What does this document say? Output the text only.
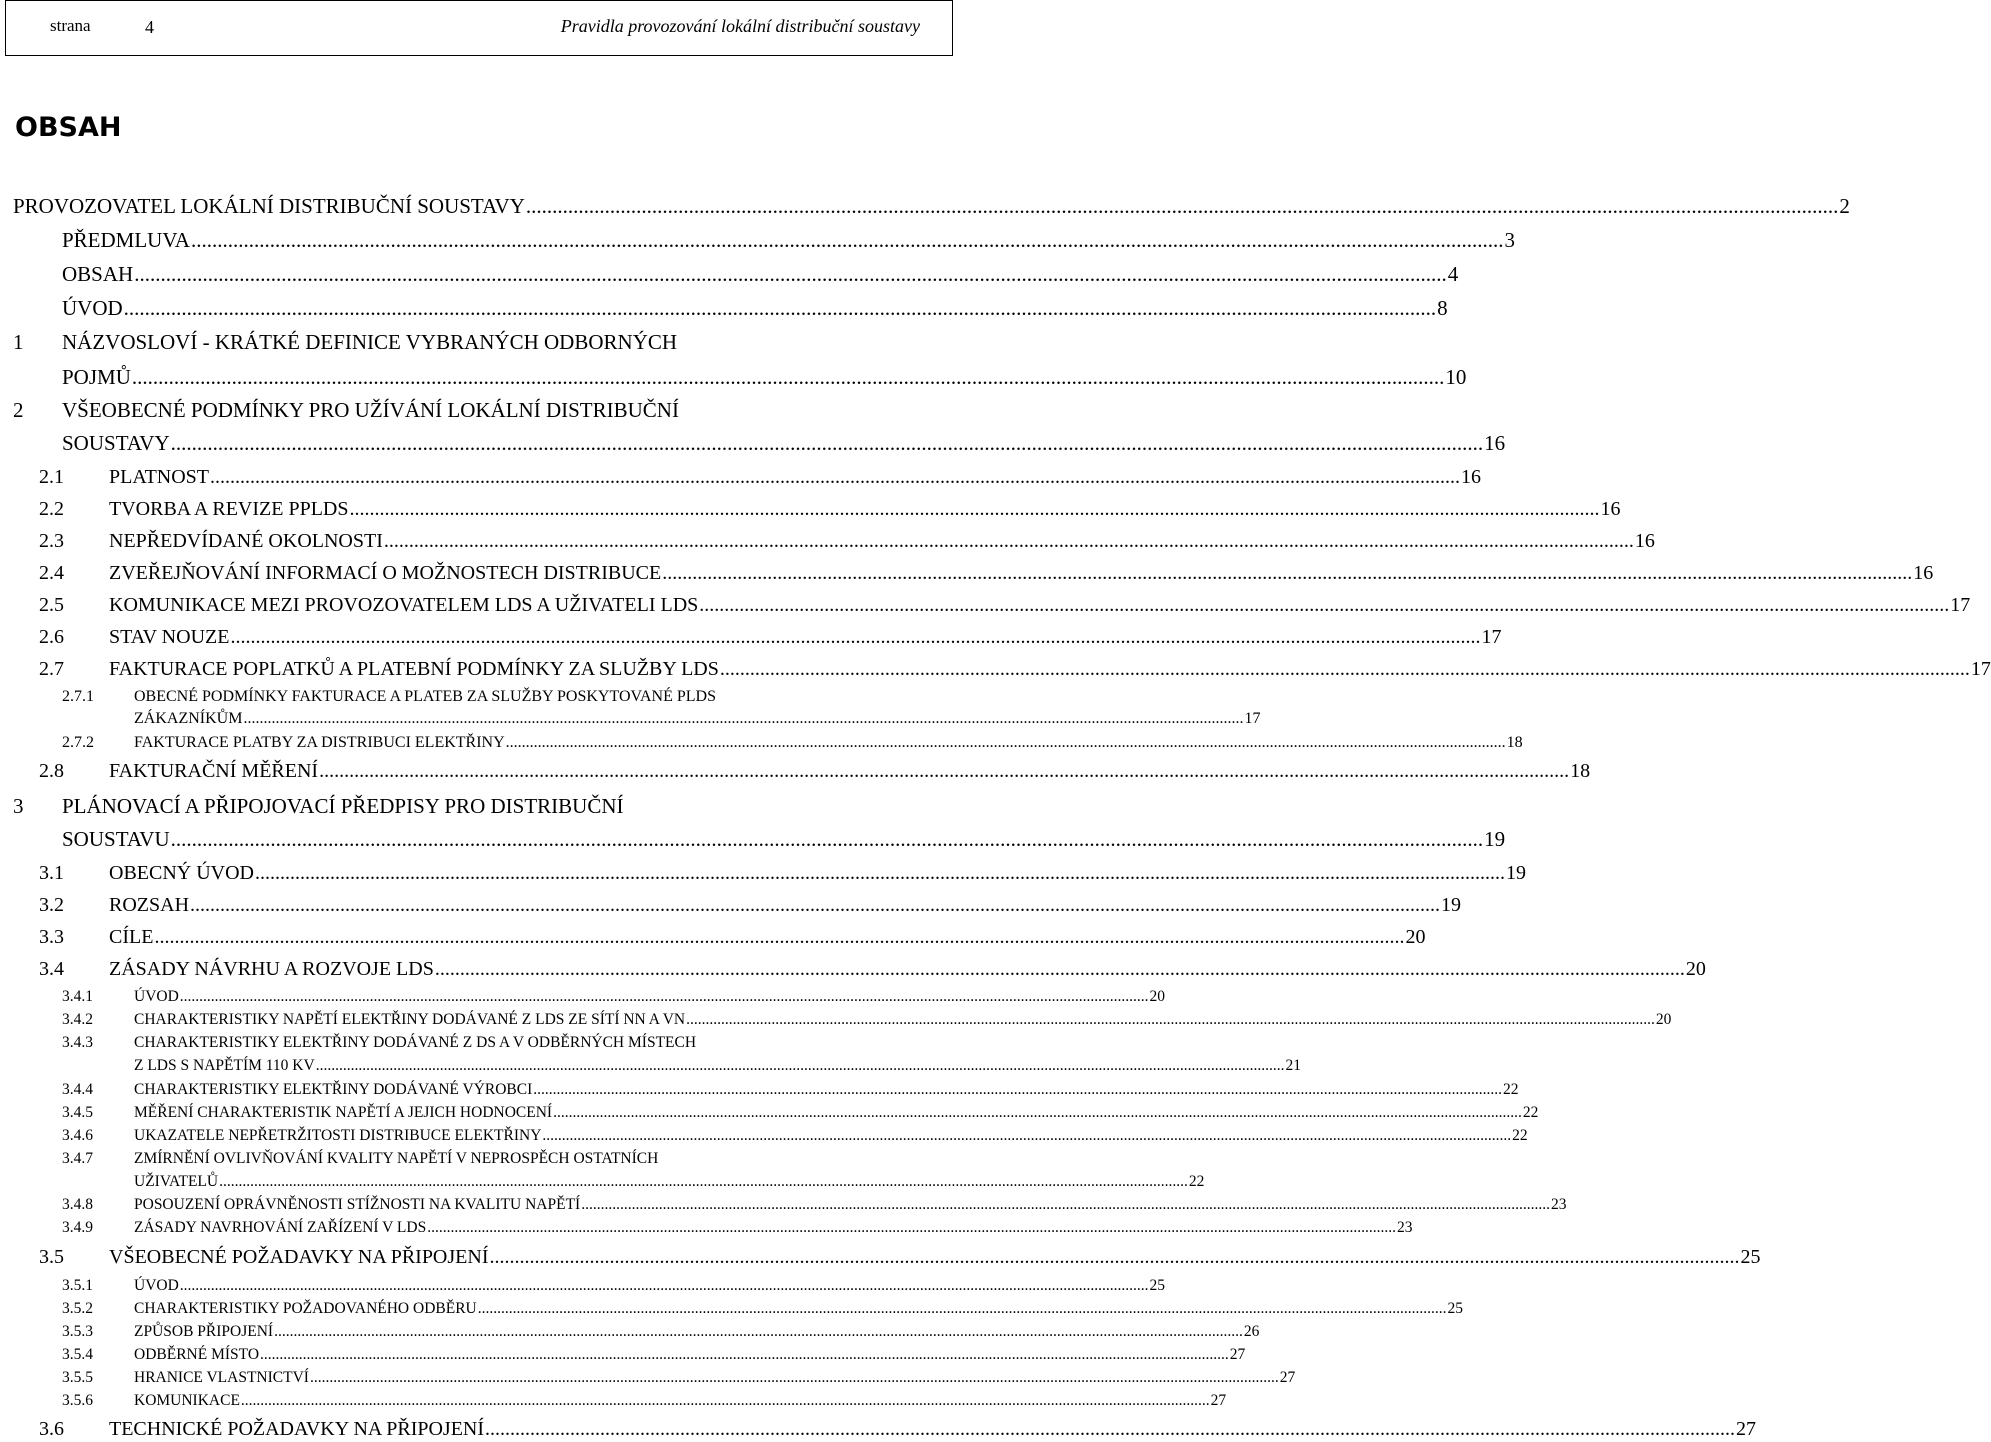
strana	4	Pravidla provozování lokální distribuční soustavy
OBSAH
PROVOZOVATEL LOKÁLNÍ DISTRIBUČNÍ SOUSTAVY .....	2
PŘEDMLUVA .....	3
OBSAH .....	4
ÚVOD .....	8
1 NÁZVOSLOVÍ - KRÁTKÉ DEFINICE VYBRANÝCH ODBORNÝCH
POJMŮ .....	10
2 VŠEOBECNÉ PODMÍNKY PRO UŽÍVÁNÍ LOKÁLNÍ DISTRIBUČNÍ
SOUSTAVY .....	16
2.1 PLATNOST .....	16
2.2 TVORBA A REVIZE PPLDS .....	16
2.3 NEPŘEDVÍDANÉ OKOLNOSTI .....	16
2.4 ZVEŘEJŇOVÁNÍ INFORMACÍ O MOŽNOSTECH DISTRIBUCE .....	16
2.5 KOMUNIKACE MEZI PROVOZOVATELEM LDS A UŽIVATELI LDS .....	17
2.6 STAV NOUZE .....	17
2.7 FAKTURACE POPLATKŮ A PLATEBNÍ PODMÍNKY ZA SLUŽBY LDS .....	17
2.7.1	OBECNÉ PODMÍNKY FAKTURACE A PLATEB ZA SLUŽBY POSKYTOVANÉ PLDS
ZÁKAZNÍKŮM .....	17
2.7.2	FAKTURACE PLATBY ZA DISTRIBUCI ELEKTŘINY .....	18
2.8 FAKTURAČNÍ MĚŘENÍ .....	18
3 PLÁNOVACÍ A PŘIPOJOVACÍ PŘEDPISY PRO DISTRIBUČNÍ
SOUSTAVU .....	19
3.1 OBECNÝ ÚVOD .....	19
3.2 ROZSAH .....	19
3.3 CÍLE .....	20
3.4 ZÁSADY NÁVRHU A ROZVOJE LDS .....	20
3.4.1	ÚVOD .....	20
3.4.2	CHARAKTERISTIKY NAPĚTÍ ELEKTŘINY DODÁVANÉ Z LDS ZE SÍTÍ NN A VN .....	20
3.4.3	CHARAKTERISTIKY ELEKTŘINY DODÁVANÉ Z DS A V ODBĚRNÝCH MÍSTECH
Z LDS S NAPĚTÍM 110 KV .....	21
3.4.4	CHARAKTERISTIKY ELEKTŘINY DODÁVANÉ VÝROBCI .....	22
3.4.5	MĚŘENÍ CHARAKTERISTIK NAPĚTÍ A JEJICH HODNOCENÍ .....	22
3.4.6	UKAZATELE NEPŘETRŽITOSTI DISTRIBUCE ELEKTŘINY .....	22
3.4.7	ZMÍRNĚNÍ OVLIVŇOVÁNÍ KVALITY NAPĚTÍ V NEPROSPĚCH OSTATNÍCH
UŽIVATELŮ .....	22
3.4.8	POSOUZENÍ OPRÁVNĚNOSTI STÍŽNOSTI NA KVALITU NAPĚTÍ .....	23
3.4.9	ZÁSADY NAVRHOVÁNÍ ZAŘÍZENÍ V LDS .....	23
3.5 VŠEOBECNÉ POŽADAVKY NA PŘIPOJENÍ .....	25
3.5.1	ÚVOD .....	25
3.5.2	CHARAKTERISTIKY POŽADOVANÉHO ODBĚRU .....	25
3.5.3	ZPŮSOB PŘIPOJENÍ .....	26
3.5.4	ODBĚRNÉ MÍSTO .....	27
3.5.5	HRANICE VLASTNICTVÍ .....	27
3.5.6	KOMUNIKACE .....	27
3.6 TECHNICKÉ POŽADAVKY NA PŘIPOJENÍ .....	27
